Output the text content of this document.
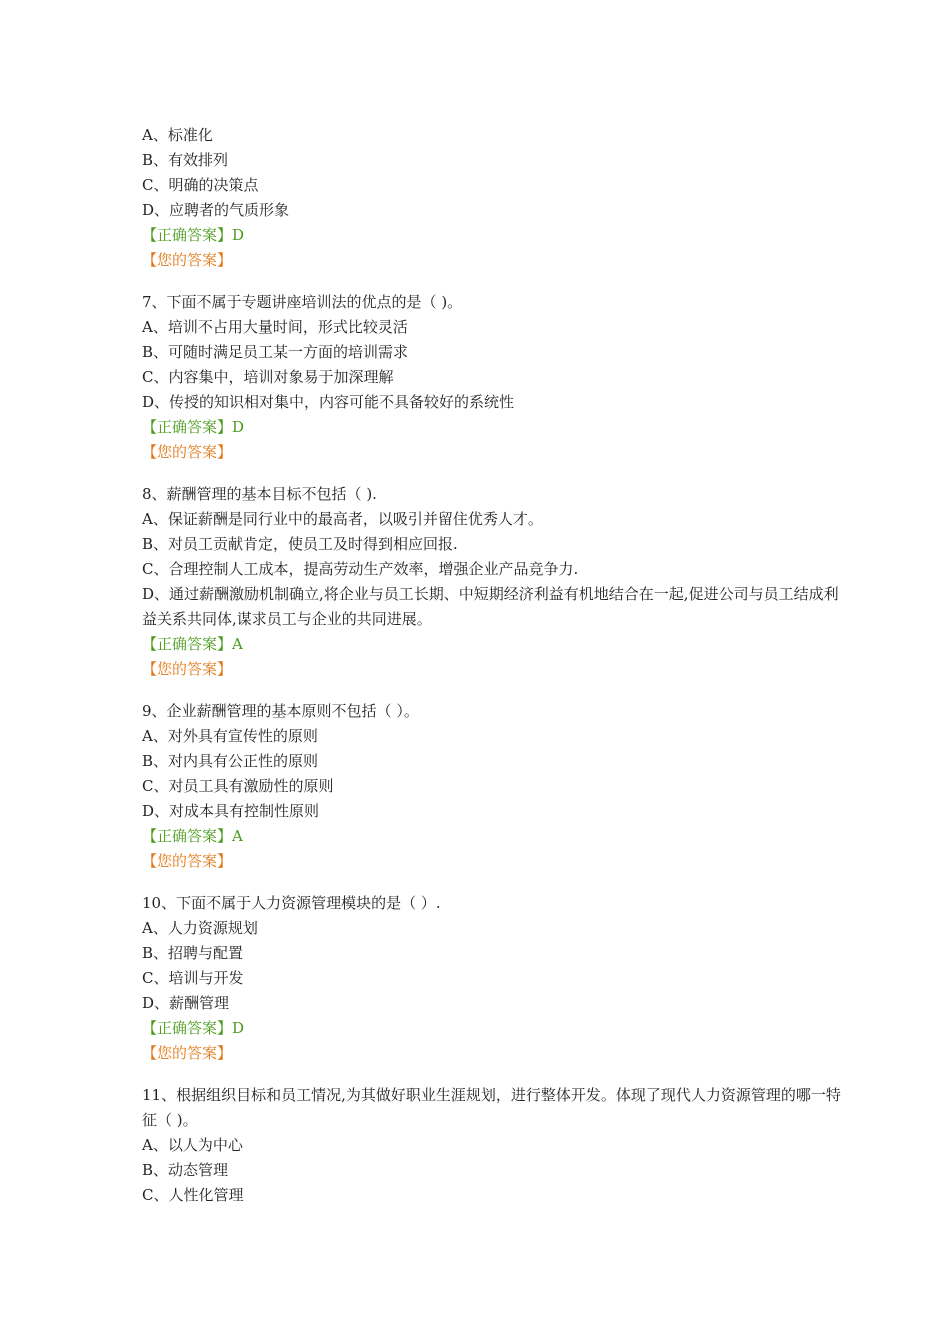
A、标准化
B、有效排列
C、明确的决策点
D、应聘者的气质形象
【正确答案】D
【您的答案】
7、下面不属于专题讲座培训法的优点的是（ )。
A、培训不占用大量时间，形式比较灵活
B、可随时满足员工某一方面的培训需求
C、内容集中，培训对象易于加深理解
D、传授的知识相对集中，内容可能不具备较好的系统性
【正确答案】D
【您的答案】
8、薪酬管理的基本目标不包括（ ).
A、保证薪酬是同行业中的最高者，以吸引并留住优秀人才。
B、对员工贡献肯定，使员工及时得到相应回报.
C、合理控制人工成本，提高劳动生产效率，增强企业产品竞争力.
D、通过薪酬激励机制确立,将企业与员工长期、中短期经济利益有机地结合在一起,促进公司与员工结成利益关系共同体,谋求员工与企业的共同进展。
【正确答案】A
【您的答案】
9、企业薪酬管理的基本原则不包括（ ）。
A、对外具有宣传性的原则
B、对内具有公正性的原则
C、对员工具有激励性的原则
D、对成本具有控制性原则
【正确答案】A
【您的答案】
10、下面不属于人力资源管理模块的是（ ）.
A、人力资源规划
B、招聘与配置
C、培训与开发
D、薪酬管理
【正确答案】D
【您的答案】
11、根据组织目标和员工情况,为其做好职业生涯规划，进行整体开发。体现了现代人力资源管理的哪一特征（ )。
A、以人为中心
B、动态管理
C、人性化管理
